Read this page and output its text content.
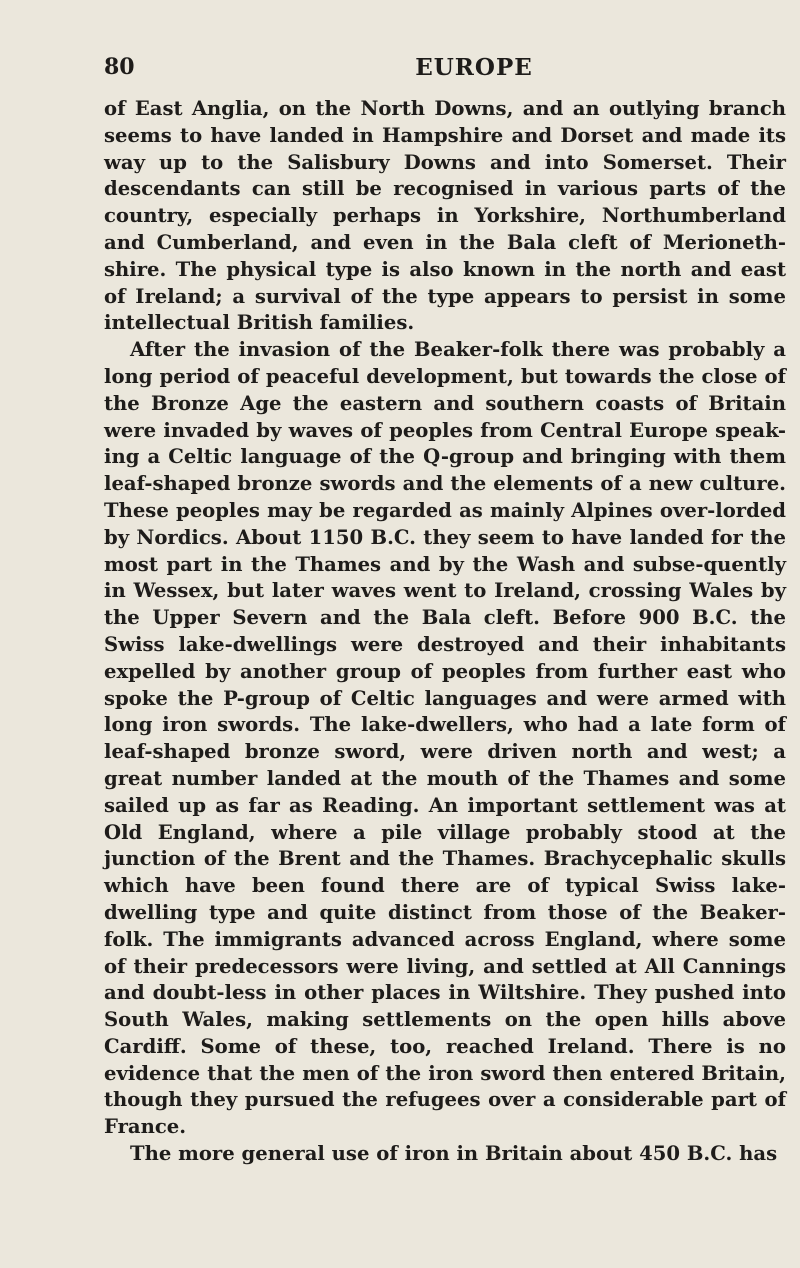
80	EUROPE

of East Anglia, on the North Downs, and an outlying branch seems to have landed in Hampshire and Dorset and made its way up to the Salisbury Downs and into Somerset. Their descendants can still be recognised in various parts of the country, especially perhaps in Yorkshire, Northumberland and Cumberland, and even in the Bala cleft of Merioneth-shire. The physical type is also known in the north and east of Ireland; a survival of the type appears to persist in some intellectual British families.

After the invasion of the Beaker-folk there was probably a long period of peaceful development, but towards the close of the Bronze Age the eastern and southern coasts of Britain were invaded by waves of peoples from Central Europe speak-ing a Celtic language of the Q-group and bringing with them leaf-shaped bronze swords and the elements of a new culture. These peoples may be regarded as mainly Alpines over-lorded by Nordics. About 1150 B.C. they seem to have landed for the most part in the Thames and by the Wash and subse-quently in Wessex, but later waves went to Ireland, crossing Wales by the Upper Severn and the Bala cleft. Before 900 B.C. the Swiss lake-dwellings were destroyed and their inhabitants expelled by another group of peoples from further east who spoke the P-group of Celtic languages and were armed with long iron swords. The lake-dwellers, who had a late form of leaf-shaped bronze sword, were driven north and west; a great number landed at the mouth of the Thames and some sailed up as far as Reading. An important settlement was at Old England, where a pile village probably stood at the junction of the Brent and the Thames. Brachycephalic skulls which have been found there are of typical Swiss lake-dwelling type and quite distinct from those of the Beaker-folk. The immigrants advanced across England, where some of their predecessors were living, and settled at All Cannings and doubt-less in other places in Wiltshire. They pushed into South Wales, making settlements on the open hills above Cardiff. Some of these, too, reached Ireland. There is no evidence that the men of the iron sword then entered Britain, though they pursued the refugees over a considerable part of France.

The more general use of iron in Britain about 450 B.C. has
